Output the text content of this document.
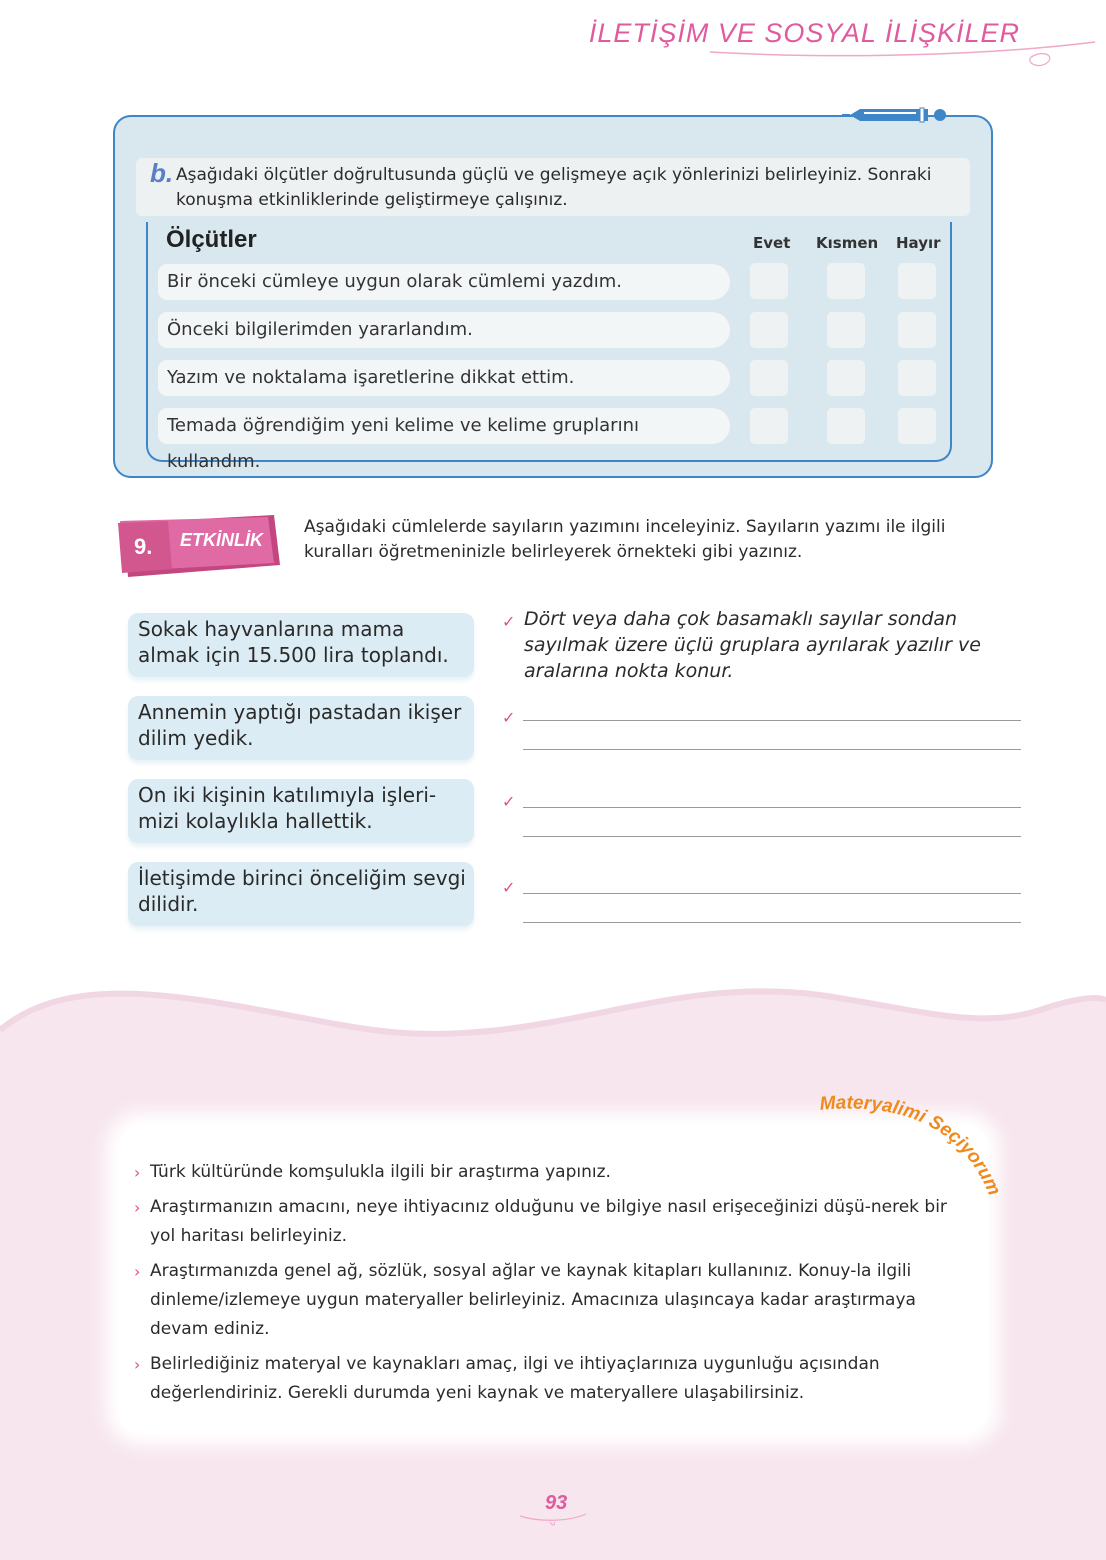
İLETİŞİM VE SOSYAL İLİŞKİLER
b. Aşağıdaki ölçütler doğrultusunda güçlü ve gelişmeye açık yönlerinizi belirleyiniz. Sonraki konuşma etkinliklerinde geliştirmeye çalışınız.
Ölçütler	Evet Kısmen Hayır
Bir önceki cümleye uygun olarak cümlemi yazdım.
Önceki bilgilerimden yararlandım.
Yazım ve noktalama işaretlerine dikkat ettim.
Temada öğrendiğim yeni kelime ve kelime gruplarını kullandım.
9. ETKİNLİK
Aşağıdaki cümlelerde sayıların yazımını inceleyiniz. Sayıların yazımı ile ilgili kuralları öğretmeninizle belirleyerek örnekteki gibi yazınız.
Sokak hayvanlarına mama almak için 15.500 lira toplandı.
Annemin yaptığı pastadan ikişer dilim yedik.
On iki kişinin katılımıyla işleri-mizi kolaylıkla hallettik.
İletişimde birinci önceliğim sevgi dilidir.
✓ Dört veya daha çok basamaklı sayılar sondan sayılmak üzere üçlü gruplara ayrılarak yazılır ve aralarına nokta konur.
✓
✓
✓
Materyalimi Seçiyorum
› Türk kültüründe komşulukla ilgili bir araştırma yapınız.
› Araştırmanızın amacını, neye ihtiyacınız olduğunu ve bilgiye nasıl erişeceğinizi düşü-nerek bir yol haritası belirleyiniz.
› Araştırmanızda genel ağ, sözlük, sosyal ağlar ve kaynak kitapları kullanınız. Konuy-la ilgili dinleme/izlemeye uygun materyaller belirleyiniz. Amacınıza ulaşıncaya kadar araştırmaya devam ediniz.
› Belirlediğiniz materyal ve kaynakları amaç, ilgi ve ihtiyaçlarınıza uygunluğu açısından değerlendiriniz. Gerekli durumda yeni kaynak ve materyallere ulaşabilirsiniz.
93
